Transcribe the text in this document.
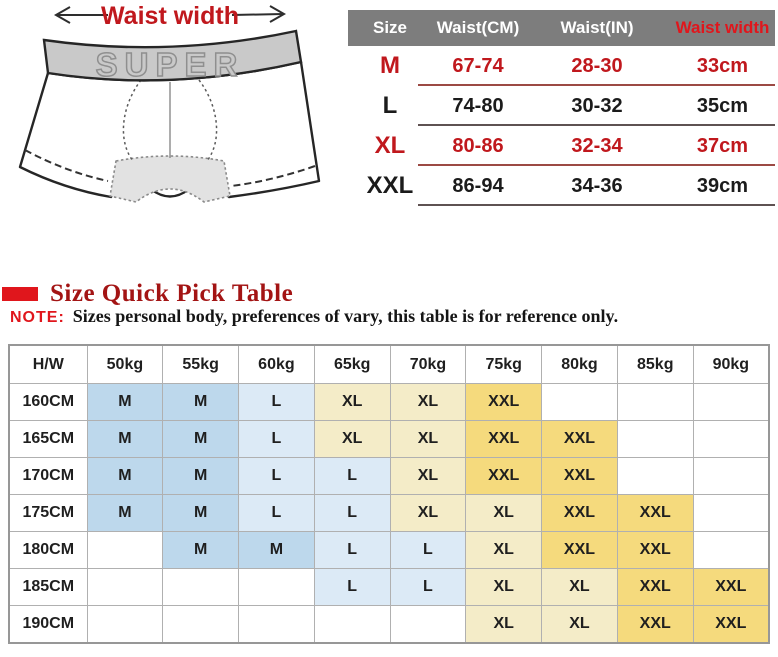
Waist width
SUPER
Size	Waist(CM)	Waist(IN)	Waist width
M	67-74	28-30	33cm
L	74-80	30-32	35cm
XL	80-86	32-34	37cm
XXL	86-94	34-36	39cm
Size Quick Pick Table
NOTE: Sizes personal body, preferences of vary, this table is for reference only.
H/W	50kg	55kg	60kg	65kg	70kg	75kg	80kg	85kg	90kg
160CM	M	M	L	XL	XL	XXL			
165CM	M	M	L	XL	XL	XXL	XXL		
170CM	M	M	L	L	XL	XXL	XXL		
175CM	M	M	L	L	XL	XL	XXL	XXL	
180CM		M	M	L	L	XL	XXL	XXL	
185CM				L	L	XL	XL	XXL	XXL
190CM						XL	XL	XXL	XXL
